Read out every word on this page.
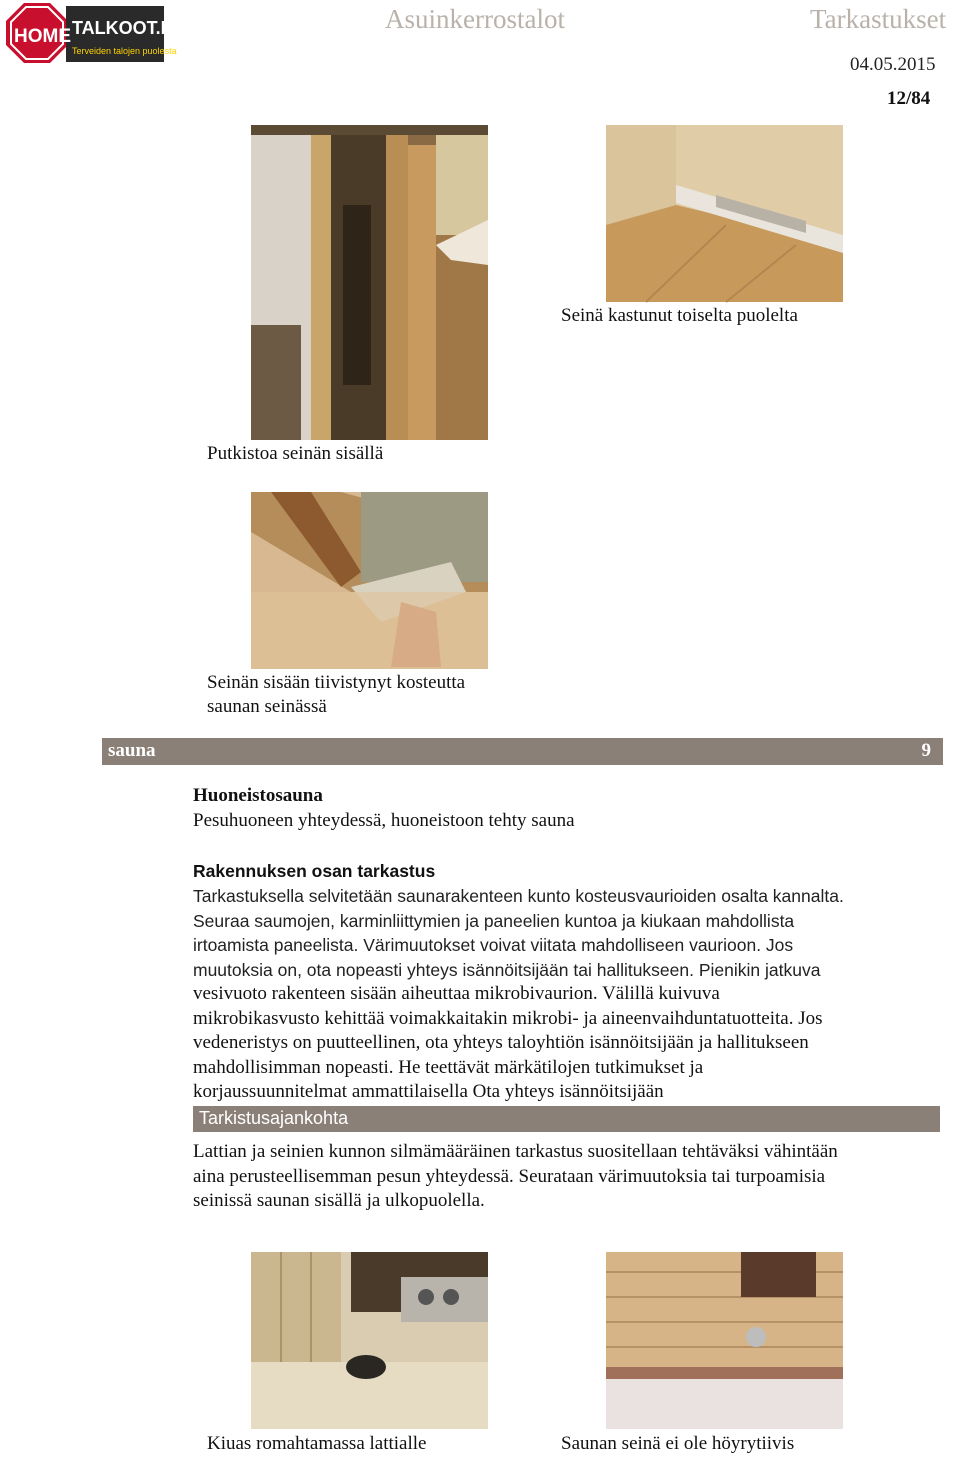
HOME TALKOOT.FI
Terveiden talojen puolesta
Asuinkerrostalot	Tarkastukset
04.05.2015
12/84
Putkistoa seinän sisällä
Seinä kastunut toiselta puolelta
Seinän sisään tiivistynyt kosteutta
saunan seinässä
sauna	9
Huoneistosauna
Pesuhuoneen yhteydessä, huoneistoon tehty sauna
Rakennuksen osan tarkastus
Tarkastuksella selvitetään saunarakenteen kunto kosteusvaurioiden osalta kannalta.
Seuraa saumojen, karminliittymien ja paneelien kuntoa ja kiukaan mahdollista
irtoamista paneelista. Värimuutokset voivat viitata mahdolliseen vaurioon. Jos
muutoksia on, ota nopeasti yhteys isännöitsijään tai hallitukseen. Pienikin jatkuva
vesivuoto rakenteen sisään aiheuttaa mikrobivaurion. Välillä kuivuva
mikrobikasvusto kehittää voimakkaitakin mikrobi- ja aineenvaihduntatuotteita. Jos
vedeneristys on puutteellinen, ota yhteys taloyhtiön isännöitsijään ja hallitukseen
mahdollisimman nopeasti. He teettävät märkätilojen tutkimukset ja
korjaussuunnitelmat ammattilaisella Ota yhteys isännöitsijään
Tarkistusajankohta
Lattian ja seinien kunnon silmämääräinen tarkastus suositellaan tehtäväksi vähintään
aina perusteellisemman pesun yhteydessä. Seurataan värimuutoksia tai turpoamisia
seinissä saunan sisällä ja ulkopuolella.
Kiuas romahtamassa lattialle	Saunan seinä ei ole höyrytiivis
